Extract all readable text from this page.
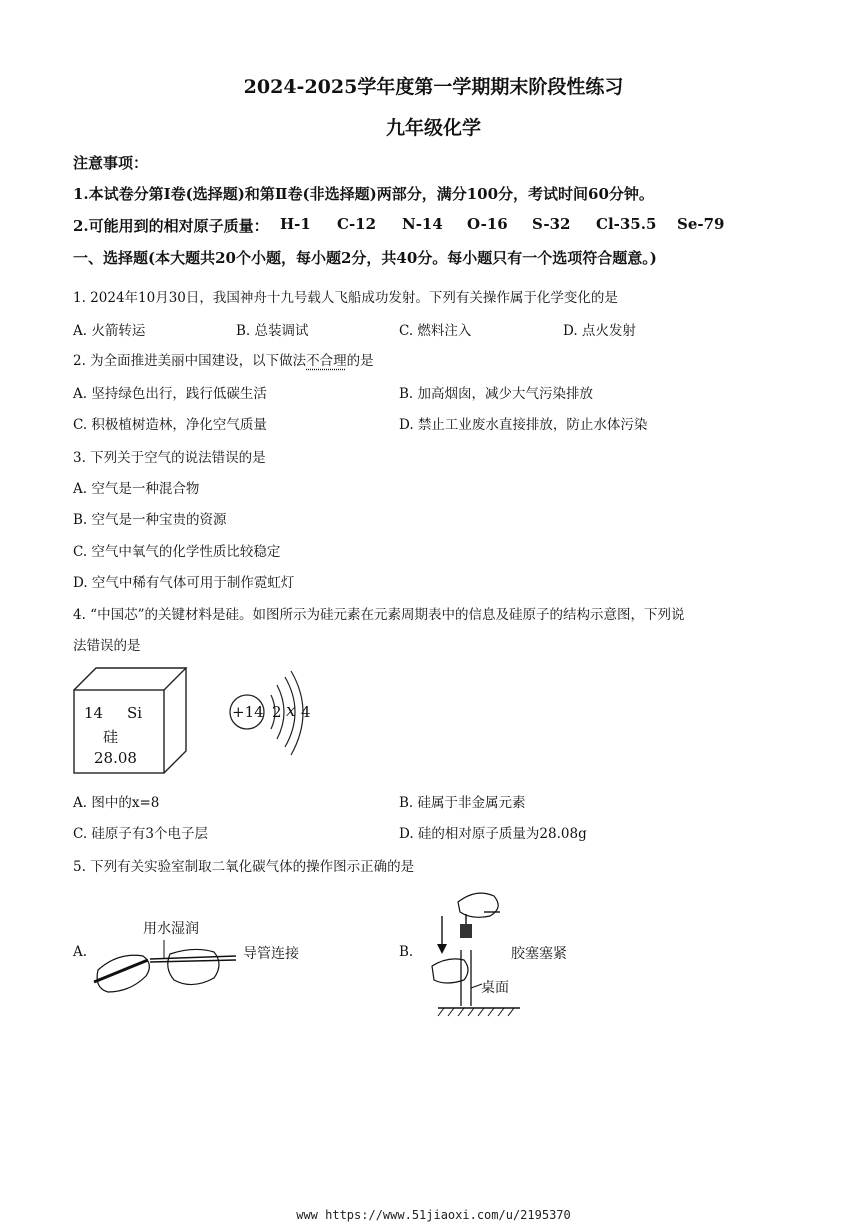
2024-2025学年度第一学期期末阶段性练习
九年级化学
注意事项：
1.本试卷分第Ⅰ卷(选择题)和第Ⅱ卷(非选择题)两部分，满分100分，考试时间60分钟。
2.可能用到的相对原子质量： H-1 C-12 N-14 O-16 S-32 Cl-35.5 Se-79
一、选择题(本大题共20个小题，每小题2分，共40分。每小题只有一个选项符合题意。)
1. 2024年10月30日，我国神舟十九号载人飞船成功发射。下列有关操作属于化学变化的是
A. 火箭转运	B. 总装调试	C. 燃料注入	D. 点火发射
2. 为全面推进美丽中国建设，以下做法不合理的是
A. 坚持绿色出行，践行低碳生活	B. 加高烟囱，减少大气污染排放
C. 积极植树造林，净化空气质量	D. 禁止工业废水直接排放，防止水体污染
3. 下列关于空气的说法错误的是
A. 空气是一种混合物
B. 空气是一种宝贵的资源
C. 空气中氧气的化学性质比较稳定
D. 空气中稀有气体可用于制作霓虹灯
4. “中国芯”的关键材料是硅。如图所示为硅元素在元素周期表中的信息及硅原子的结构示意图，下列说
法错误的是
14 Si
硅
28.08
+14 2 x 4
A. 图中的x=8	B. 硅属于非金属元素
C. 硅原子有3个电子层	D. 硅的相对原子质量为28.08g
5. 下列有关实验室制取二氧化碳气体的操作图示正确的是
A.
用水湿润
导管连接	B.	胶塞塞紧
桌面
www https://www.51jiaoxi.com/u/2195370
